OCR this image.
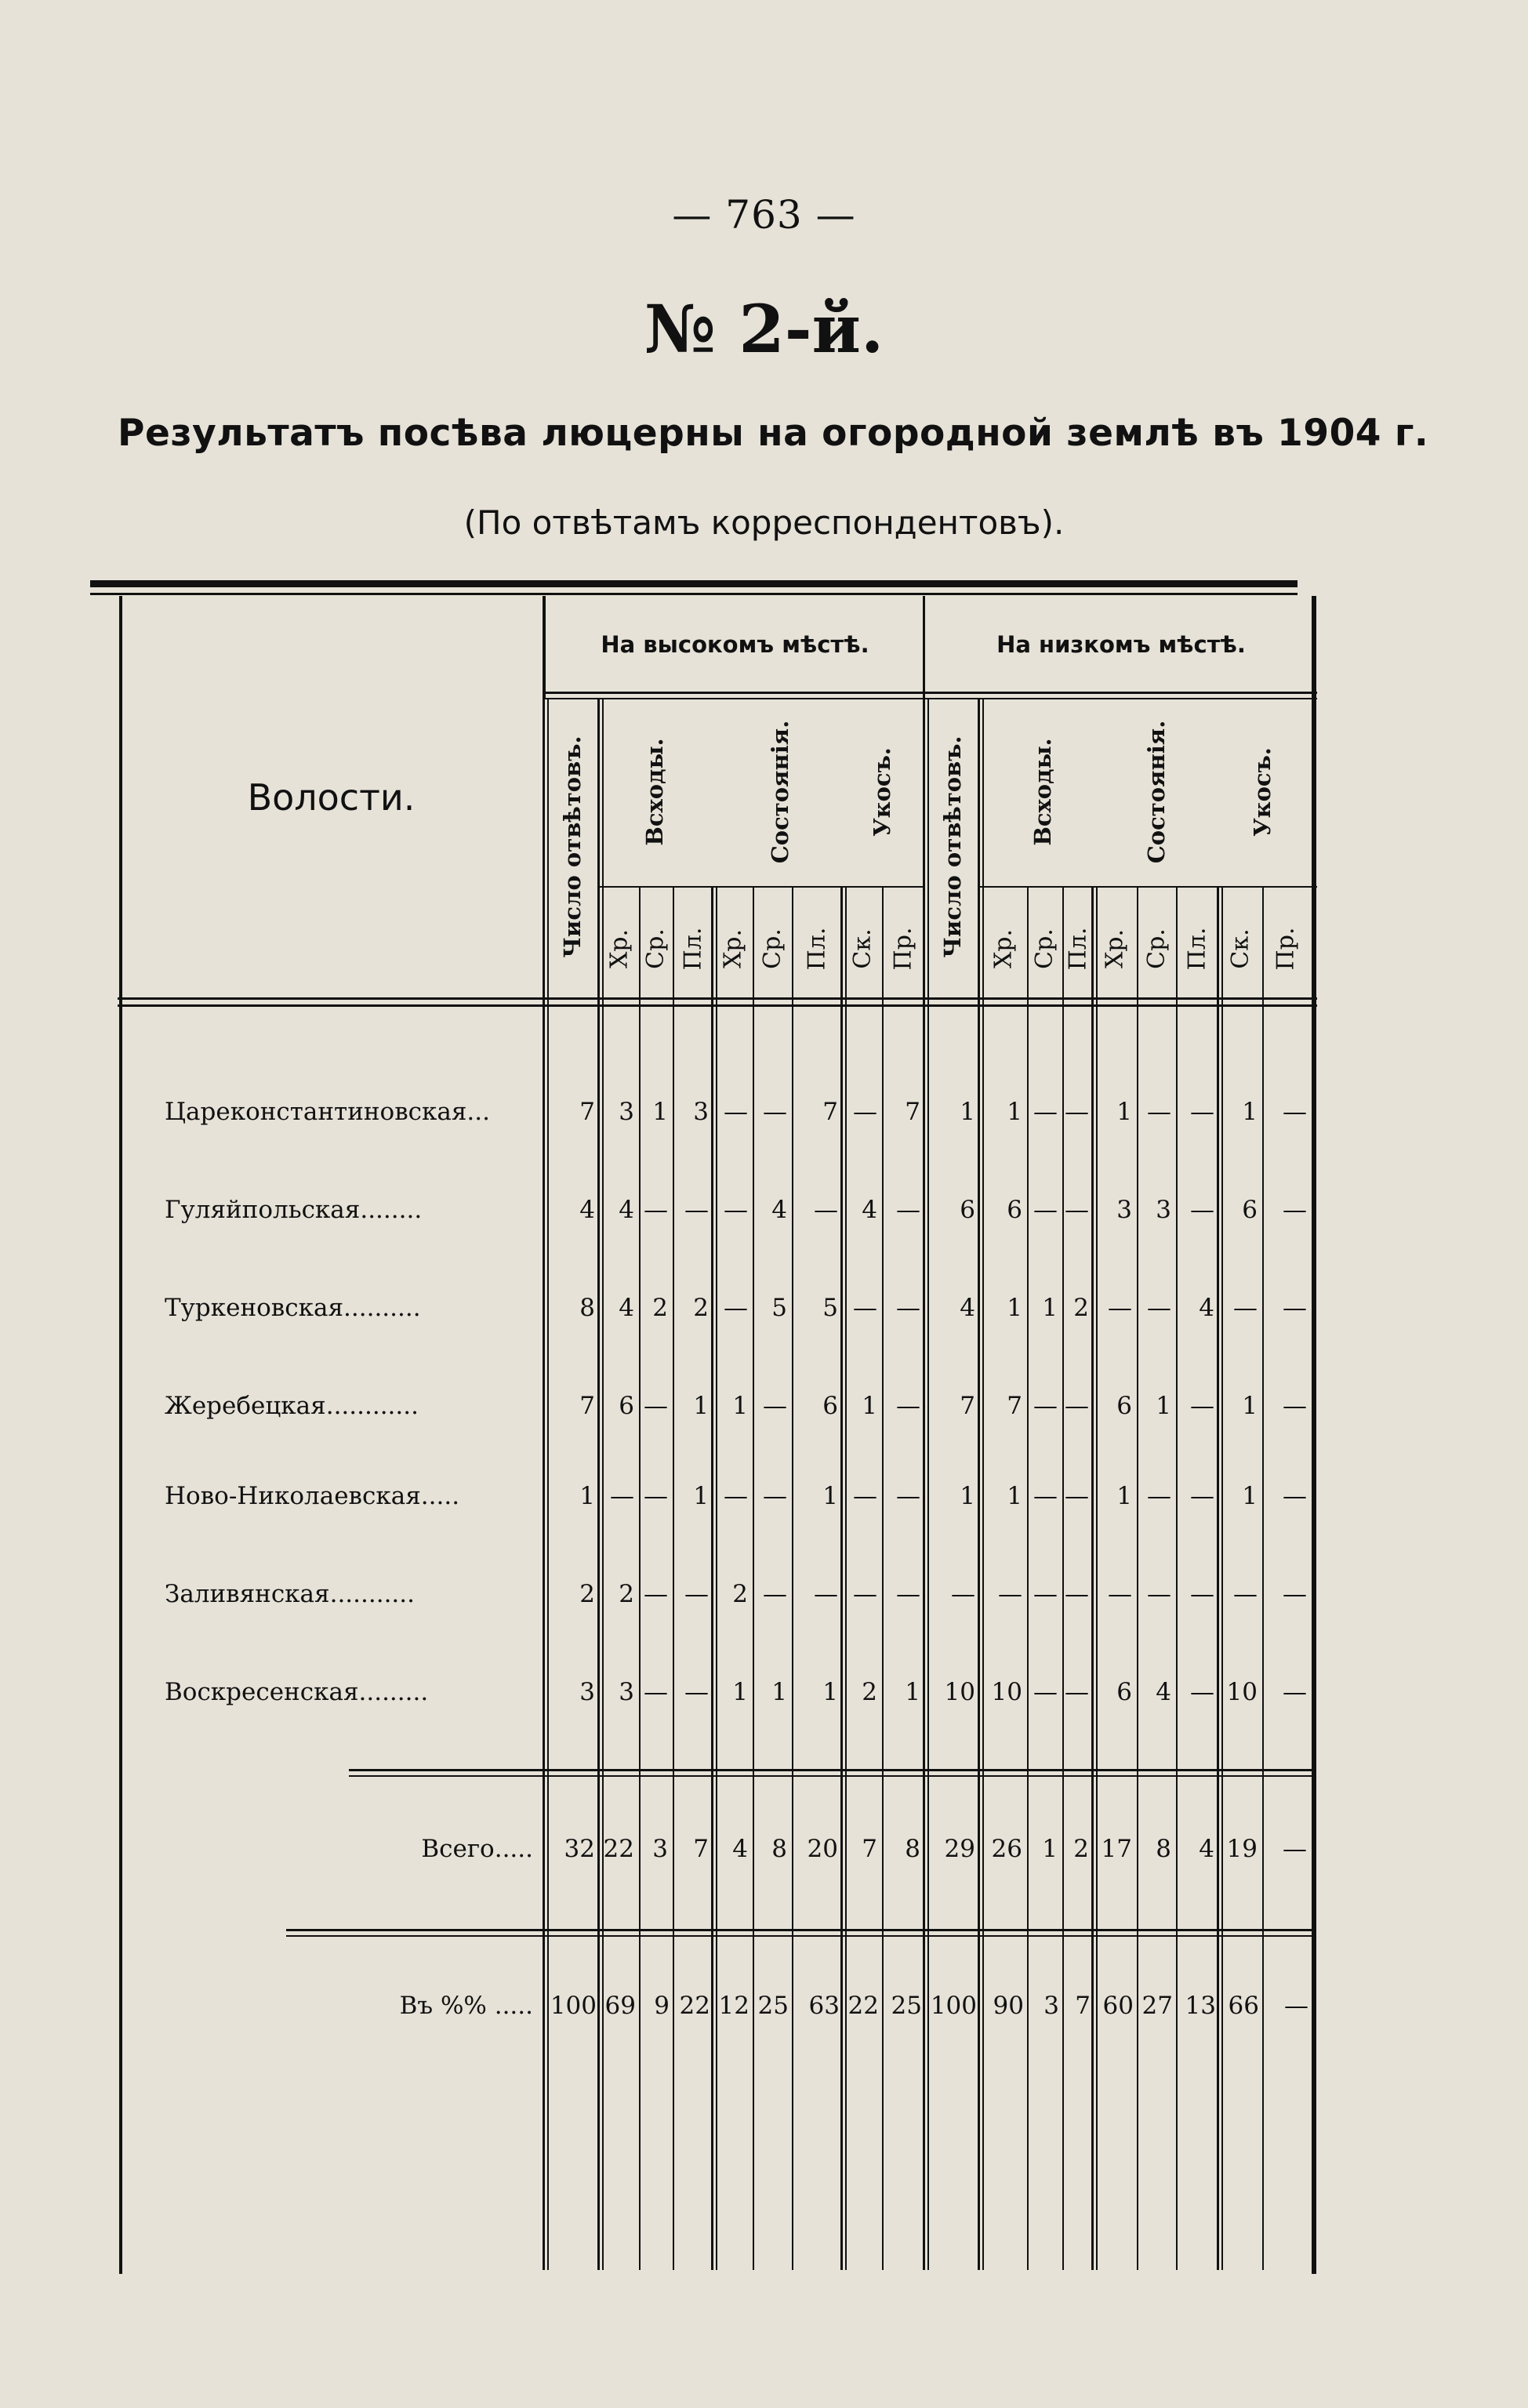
— 763 —
№ 2-й.
Результатъ посѣва люцерны на огородной землѣ въ 1904 г.
(По отвѣтамъ корреспондентовъ).
На высокомъ мѣстѣ.	На низкомъ мѣстѣ.
Волости.	Число отвѣтовъ.	Число отвѣтовъ.
Всходы.	Состоянія.	Укосъ.	Всходы.	Состоянія.	Укосъ.
Хр. Ср. Пл. Хр. Ср. Пл. Ск. Пр.	Хр. Ср. Пл. Хр. Ср. Пл. Ск. Пр.
Цареконстантиновская...	7 3 1 3 — — 7 — 7 1 1 — — 1 — — 1 —
Гуляйпольская........	4 4 — — — 4 — 4 — 6 6 — — 3 3 — 6 —
Туркеновская..........	8 4 2 2 — 5 5 — — 4 1 1 2 — — 4 — —
Жеребецкая............	7 6 — 1 1 — 6 1 — 7 7 — — 6 1 — 1 —
Ново-Николаевская.....	1 — — 1 — — 1 — — 1 1 — — 1 — — 1 —
Заливянская...........	2 2 — — 2 — — — — — — — — — — — — —
Воскресенская.........	3 3 — — 1 1 1 2 1 10 10 — — 6 4 — 10 —
Всего..... 32 22 3 7 4 8 20 7 8 29 26 1 2 17 8 4 19 —
Въ %% ..... 100 69 9 22 12 25 63 22 25 100 90 3 7 60 27 13 66 —
